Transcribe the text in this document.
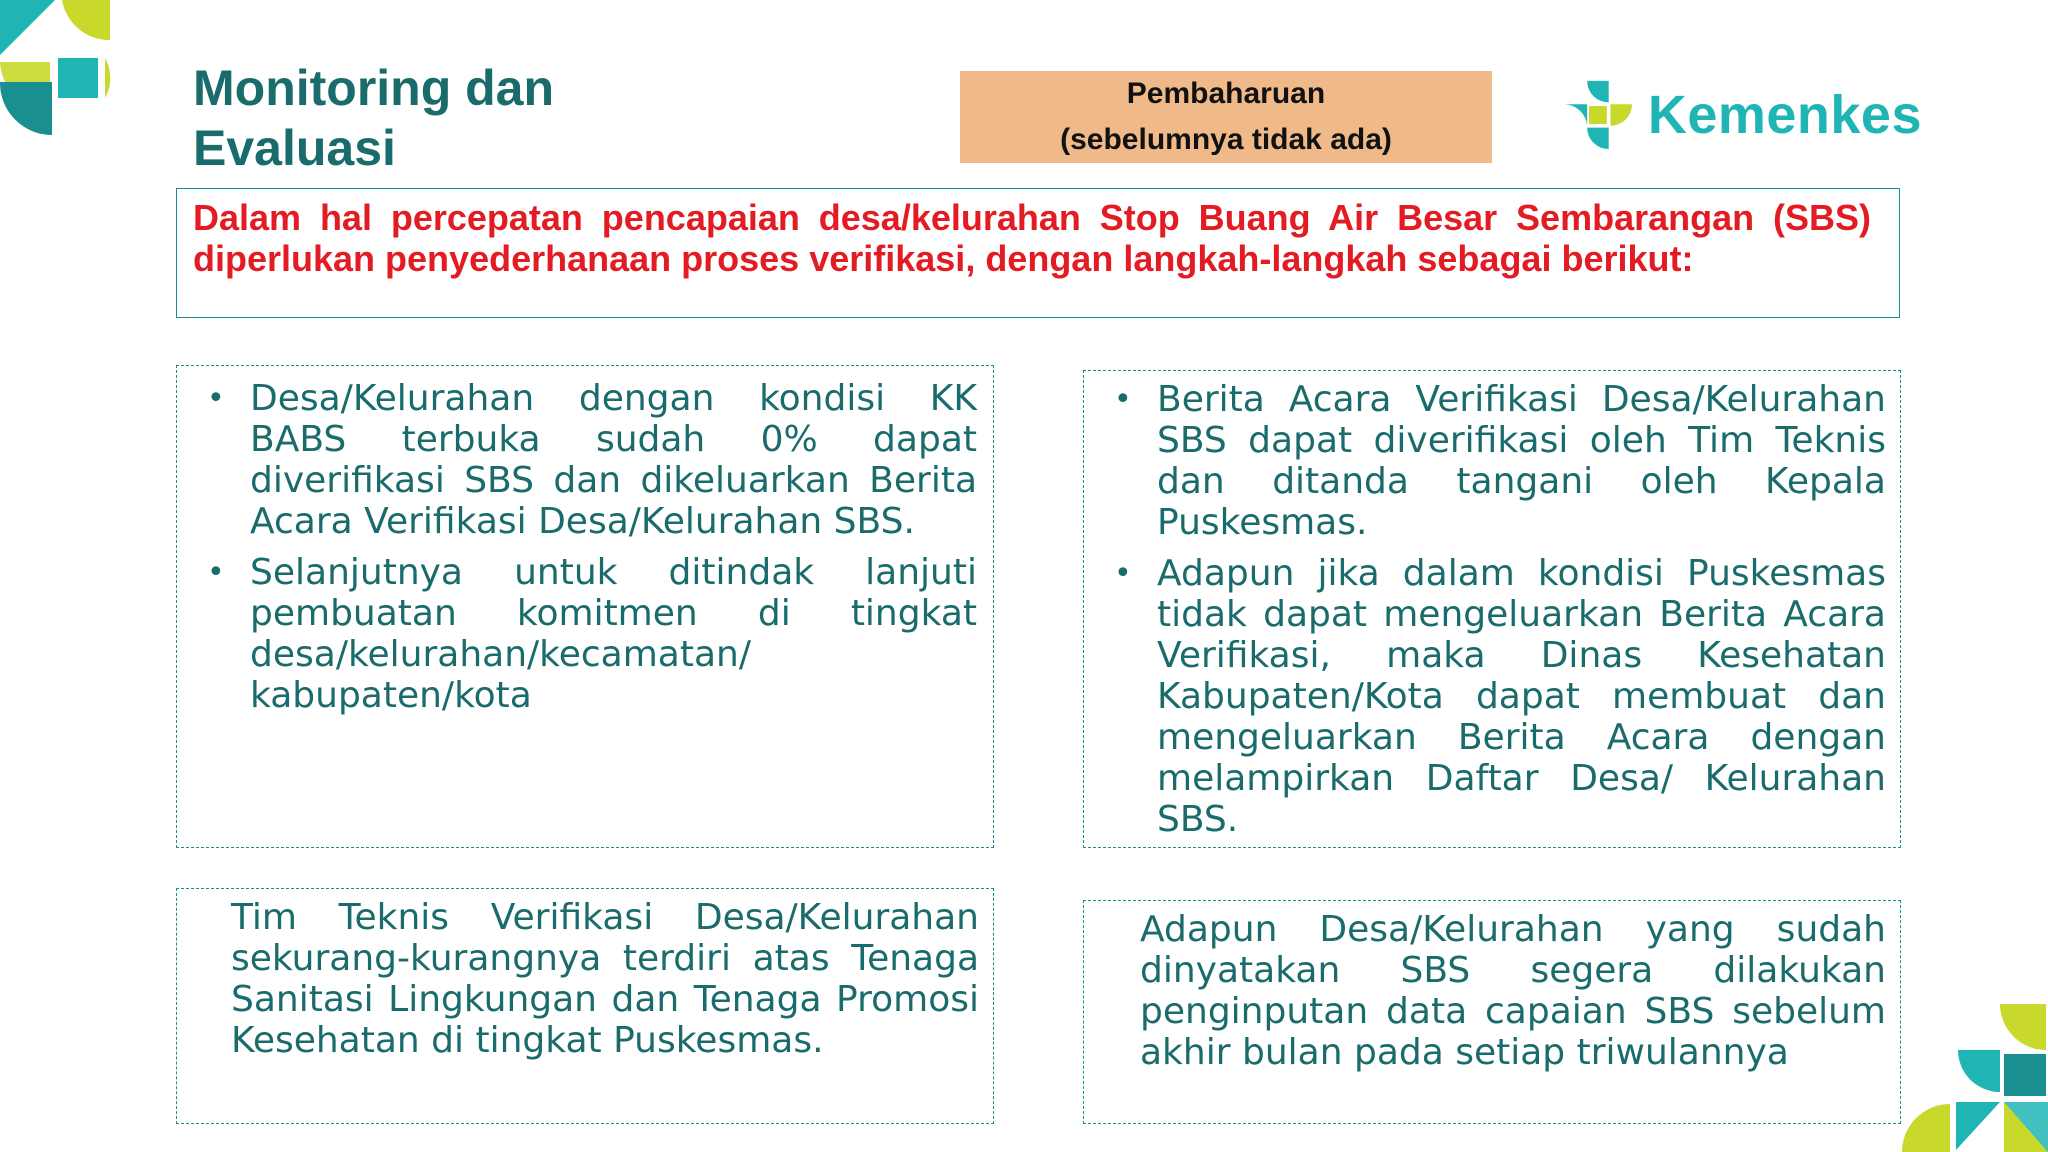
Monitoring dan Evaluasi
Pembaharuan
(sebelumnya tidak ada)	Kemenkes
Dalam hal percepatan pencapaian desa/kelurahan Stop Buang Air Besar Sembarangan (SBS) diperlukan penyederhanaan proses verifikasi, dengan langkah-langkah sebagai berikut:
• Desa/Kelurahan dengan kondisi KK BABS terbuka sudah 0% dapat diverifikasi SBS dan dikeluarkan Berita Acara Verifikasi Desa/Kelurahan SBS.
• Selanjutnya untuk ditindak lanjuti pembuatan komitmen di tingkat desa/kelurahan/kecamatan/ kabupaten/kota
• Berita Acara Verifikasi Desa/Kelurahan SBS dapat diverifikasi oleh Tim Teknis dan ditanda tangani oleh Kepala Puskesmas.
• Adapun jika dalam kondisi Puskesmas tidak dapat mengeluarkan Berita Acara Verifikasi, maka Dinas Kesehatan Kabupaten/Kota dapat membuat dan mengeluarkan Berita Acara dengan melampirkan Daftar Desa/ Kelurahan SBS.
Tim Teknis Verifikasi Desa/Kelurahan sekurang-kurangnya terdiri atas Tenaga Sanitasi Lingkungan dan Tenaga Promosi Kesehatan di tingkat Puskesmas.
Adapun Desa/Kelurahan yang sudah dinyatakan SBS segera dilakukan penginputan data capaian SBS sebelum akhir bulan pada setiap triwulannya
